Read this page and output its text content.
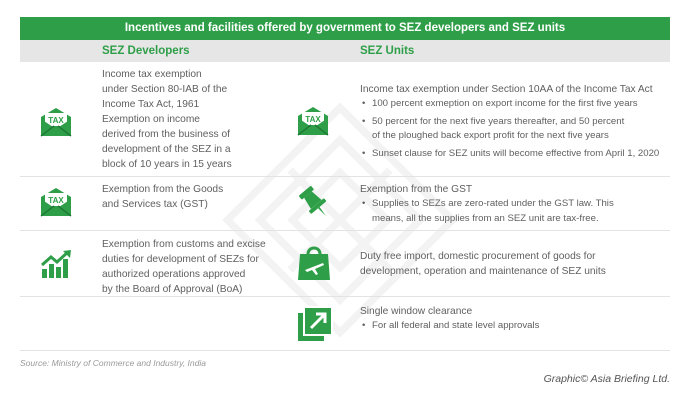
Incentives and facilities offered by government to SEZ developers and SEZ units
SEZ Developers	SEZ Units
TAX
Income tax exemption
under Section 80-IAB of the
Income Tax Act, 1961
Exemption on income
derived from the business of
development of the SEZ in a
block of 10 years in 15 years
TAX
Income tax exemption under Section 10AA of the Income Tax Act
• 100 percent exmeption on export income for the first five years
• 50 percent for the next five years thereafter, and 50 percent
of the ploughed back export profit for the next five years
• Sunset clause for SEZ units will become effective from April 1, 2020
TAX
Exemption from the Goods
and Services tax (GST)
Exemption from the GST
• Supplies to SEZs are zero-rated under the GST law. This
means, all the supplies from an SEZ unit are tax-free.
Exemption from customs and excise
duties for development of SEZs for
authorized operations approved
by the Board of Approval (BoA)
Duty free import, domestic procurement of goods for
development, operation and maintenance of SEZ units
Single window clearance
• For all federal and state level approvals
Source: Ministry of Commerce and Industry, India
Graphic© Asia Briefing Ltd.
